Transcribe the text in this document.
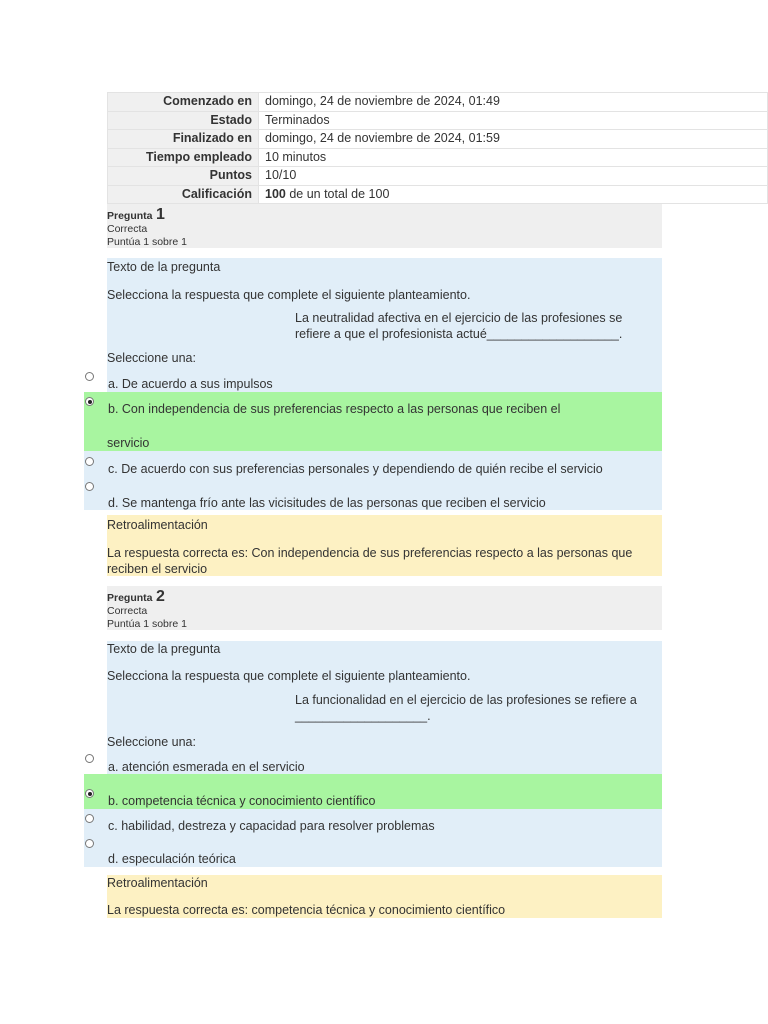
Comenzado en	domingo, 24 de noviembre de 2024, 01:49
Estado	Terminados
Finalizado en	domingo, 24 de noviembre de 2024, 01:59
Tiempo empleado	10 minutos
Puntos	10/10
Calificación	100 de un total de 100
Pregunta 1
Correcta
Puntúa 1 sobre 1
Texto de la pregunta
Selecciona la respuesta que complete el siguiente planteamiento.
La neutralidad afectiva en el ejercicio de las profesiones se refiere a que el profesionista actué___________________.
Seleccione una:
a. De acuerdo a sus impulsos
b. Con independencia de sus preferencias respecto a las personas que reciben el
servicio
c. De acuerdo con sus preferencias personales y dependiendo de quién recibe el servicio
d. Se mantenga frío ante las vicisitudes de las personas que reciben el servicio
Retroalimentación
La respuesta correcta es: Con independencia de sus preferencias respecto a las personas que reciben el servicio
Pregunta 2
Correcta
Puntúa 1 sobre 1
Texto de la pregunta
Selecciona la respuesta que complete el siguiente planteamiento.
La funcionalidad en el ejercicio de las profesiones se refiere a ___________________.
Seleccione una:
a. atención esmerada en el servicio
b. competencia técnica y conocimiento científico
c. habilidad, destreza y capacidad para resolver problemas
d. especulación teórica
Retroalimentación
La respuesta correcta es: competencia técnica y conocimiento científico
